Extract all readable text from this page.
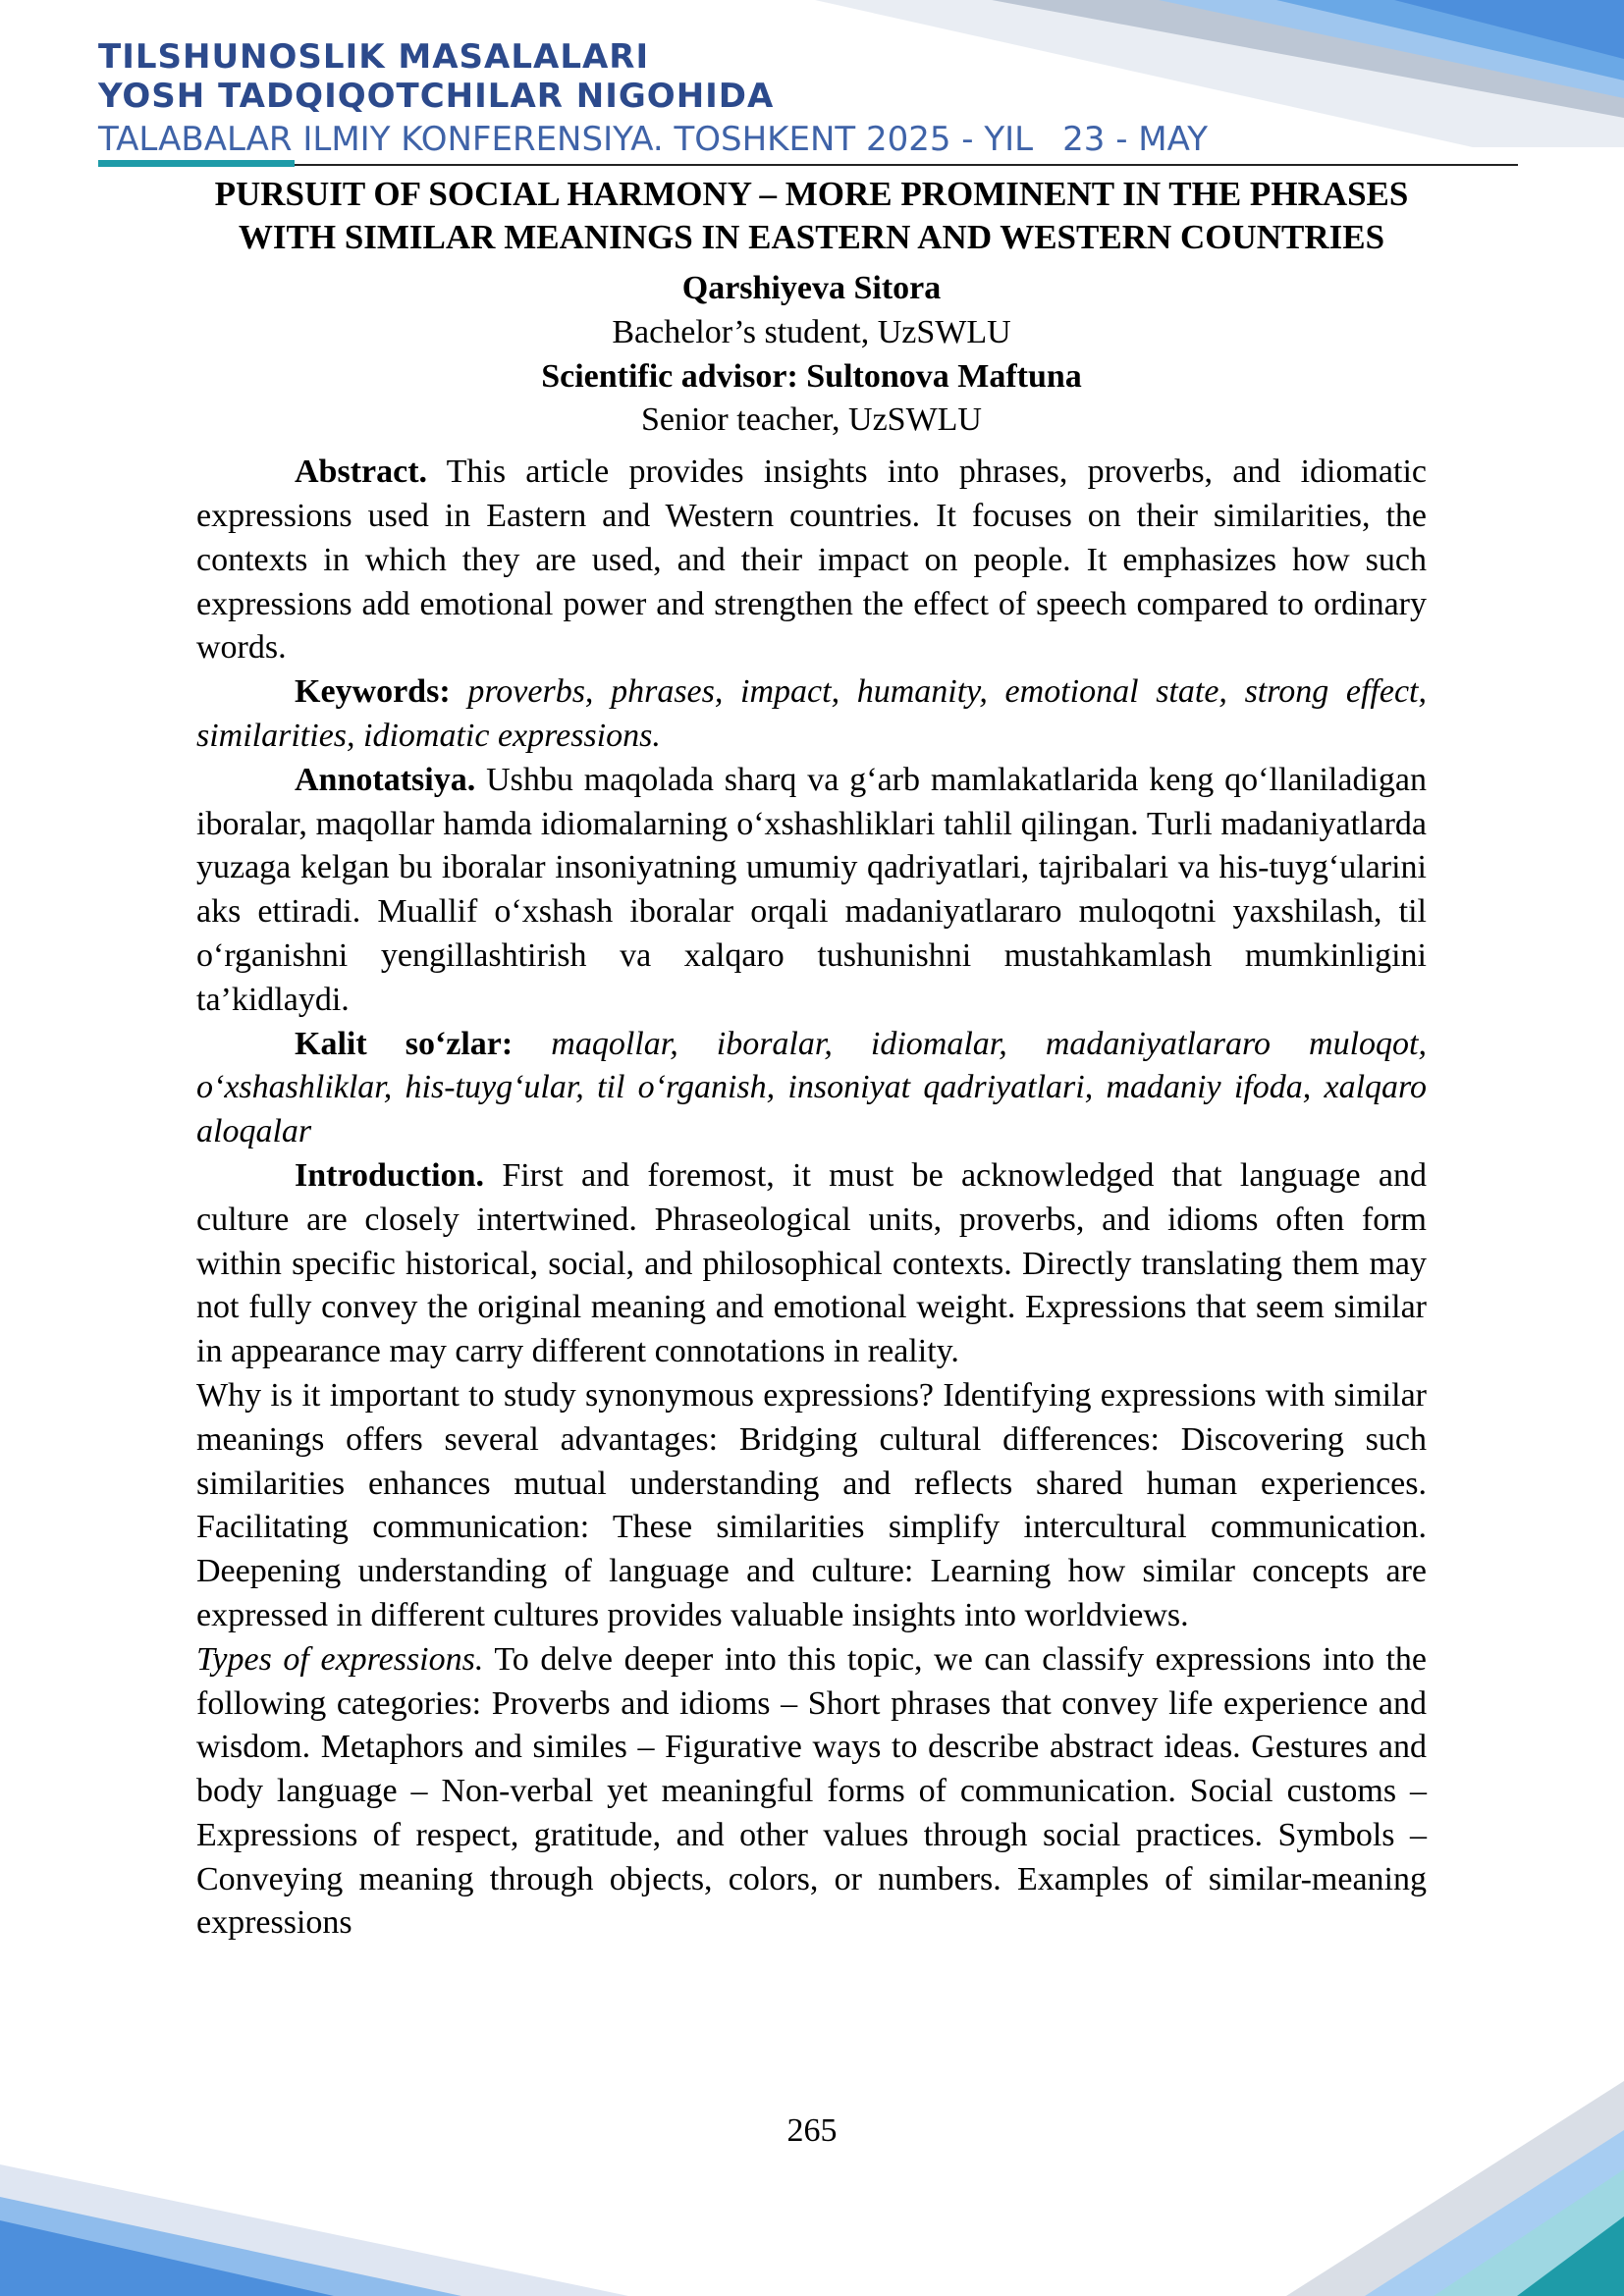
TILSHUNOSLIK MASALALARI
YOSH TADQIQOTCHILAR NIGOHIDA
TALABALAR ILMIY KONFERENSIYA. TOSHKENT 2025 - YIL 23 - MAY
PURSUIT OF SOCIAL HARMONY – MORE PROMINENT IN THE PHRASES WITH SIMILAR MEANINGS IN EASTERN AND WESTERN COUNTRIES
Qarshiyeva Sitora
Bachelor’s student, UzSWLU
Scientific advisor: Sultonova Maftuna
Senior teacher, UzSWLU

Abstract. This article provides insights into phrases, proverbs, and idiomatic expressions used in Eastern and Western countries. It focuses on their similarities, the contexts in which they are used, and their impact on people. It emphasizes how such expressions add emotional power and strengthen the effect of speech compared to ordinary words.

Keywords: proverbs, phrases, impact, humanity, emotional state, strong effect, similarities, idiomatic expressions.

Annotatsiya. Ushbu maqolada sharq va g‘arb mamlakatlarida keng qo‘llaniladigan iboralar, maqollar hamda idiomalarning o‘xshashliklari tahlil qilingan. Turli madaniyatlarda yuzaga kelgan bu iboralar insoniyatning umumiy qadriyatlari, tajribalari va his-tuyg‘ularini aks ettiradi. Muallif o‘xshash iboralar orqali madaniyatlararo muloqotni yaxshilash, til o‘rganishni yengillashtirish va xalqaro tushunishni mustahkamlash mumkinligini ta’kidlaydi.

Kalit so‘zlar: maqollar, iboralar, idiomalar, madaniyatlararo muloqot, o‘xshashliklar, his-tuyg‘ular, til o‘rganish, insoniyat qadriyatlari, madaniy ifoda, xalqaro aloqalar

Introduction. First and foremost, it must be acknowledged that language and culture are closely intertwined. Phraseological units, proverbs, and idioms often form within specific historical, social, and philosophical contexts. Directly translating them may not fully convey the original meaning and emotional weight. Expressions that seem similar in appearance may carry different connotations in reality.

Why is it important to study synonymous expressions? Identifying expressions with similar meanings offers several advantages: Bridging cultural differences: Discovering such similarities enhances mutual understanding and reflects shared human experiences. Facilitating communication: These similarities simplify intercultural communication. Deepening understanding of language and culture: Learning how similar concepts are expressed in different cultures provides valuable insights into worldviews.

Types of expressions. To delve deeper into this topic, we can classify expressions into the following categories: Proverbs and idioms – Short phrases that convey life experience and wisdom. Metaphors and similes – Figurative ways to describe abstract ideas. Gestures and body language – Non-verbal yet meaningful forms of communication. Social customs – Expressions of respect, gratitude, and other values through social practices. Symbols – Conveying meaning through objects, colors, or numbers. Examples of similar-meaning expressions

265
